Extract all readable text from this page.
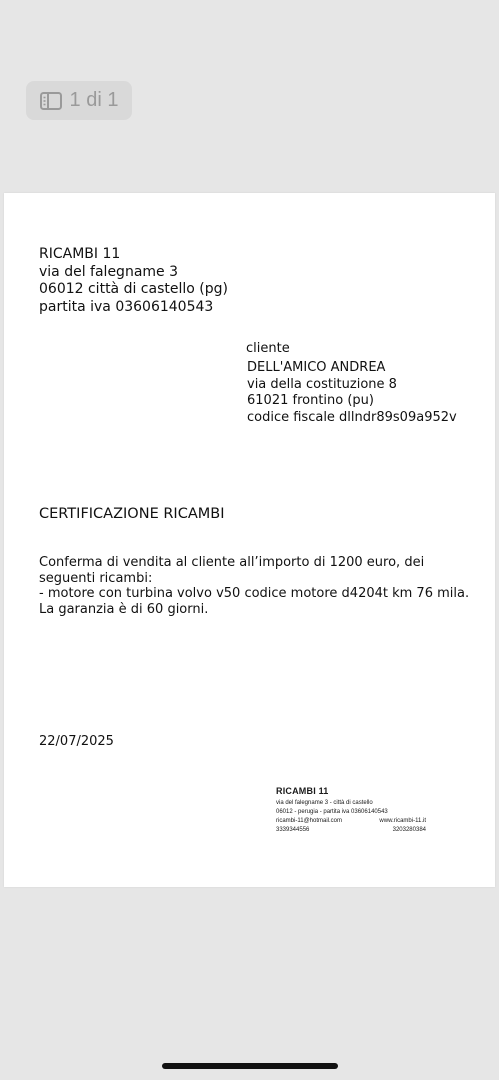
1 di 1
RICAMBI 11
via del falegname 3
06012 città di castello (pg)
partita iva 03606140543
cliente
DELL'AMICO ANDREA
via della costituzione 8
61021 frontino (pu)
codice fiscale dllndr89s09a952v
CERTIFICAZIONE RICAMBI
Conferma di vendita al cliente all’importo di 1200 euro, dei
seguenti ricambi:
- motore con turbina volvo v50 codice motore d4204t km 76 mila.
La garanzia è di 60 giorni.
22/07/2025
RICAMBI 11
via del falegname 3 - città di castello
06012 - perugia - partita iva 03606140543
ricambi-11@hotmail.com	www.ricambi-11.it
3339344556	3203280384
